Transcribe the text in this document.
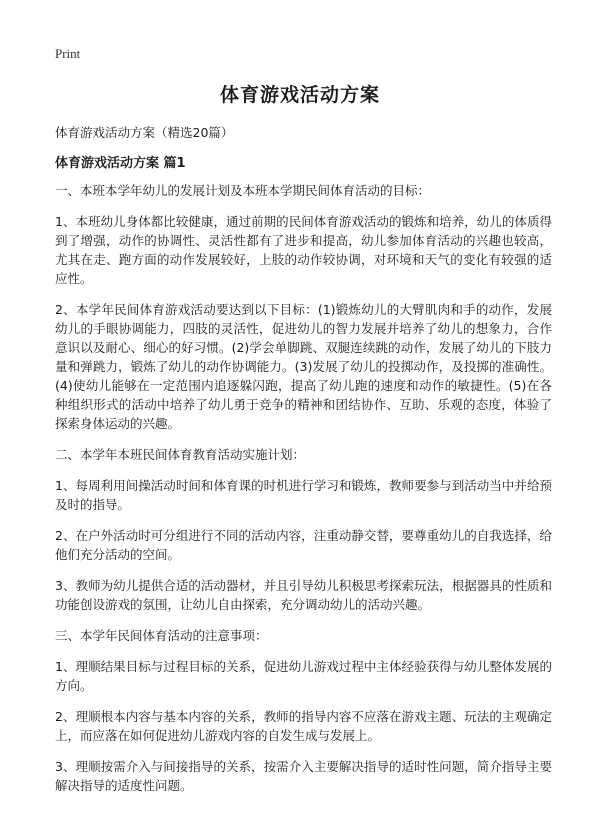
Print
体育游戏活动方案

体育游戏活动方案（精选20篇）

体育游戏活动方案 篇1

一、本班本学年幼儿的发展计划及本班本学期民间体育活动的目标：

1、本班幼儿身体都比较健康，通过前期的民间体育游戏活动的锻炼和培养，幼儿的体质得到了增强，动作的协调性、灵活性都有了进步和提高，幼儿参加体育活动的兴趣也较高，尤其在走、跑方面的动作发展较好，上肢的动作较协调，对环境和天气的变化有较强的适应性。

2、本学年民间体育游戏活动要达到以下目标：(1)锻炼幼儿的大臂肌肉和手的动作，发展幼儿的手眼协调能力，四肢的灵活性，促进幼儿的智力发展并培养了幼儿的想象力，合作意识以及耐心、细心的好习惯。(2)学会单脚跳、双腿连续跳的动作，发展了幼儿的下肢力量和弹跳力，锻炼了幼儿的动作协调能力。(3)发展了幼儿的投掷动作，及投掷的准确性。(4)使幼儿能够在一定范围内追逐躲闪跑，提高了幼儿跑的速度和动作的敏捷性。(5)在各种组织形式的活动中培养了幼儿勇于竞争的精神和团结协作、互助、乐观的态度，体验了探索身体运动的兴趣。

二、本学年本班民间体育教育活动实施计划：

1、每周利用间操活动时间和体育课的时机进行学习和锻炼，教师要参与到活动当中并给预及时的指导。

2、在户外活动时可分组进行不同的活动内容，注重动静交替，要尊重幼儿的自我选择，给他们充分活动的空间。

3、教师为幼儿提供合适的活动器材，并且引导幼儿积极思考探索玩法，根据器具的性质和功能创设游戏的氛围，让幼儿自由探索，充分调动幼儿的活动兴趣。

三、本学年民间体育活动的注意事项：

1、理顺结果目标与过程目标的关系，促进幼儿游戏过程中主体经验获得与幼儿整体发展的方向。

2、理顺根本内容与基本内容的关系，教师的指导内容不应落在游戏主题、玩法的主观确定上，而应落在如何促进幼儿游戏内容的自发生成与发展上。

3、理顺按需介入与间接指导的关系，按需介入主要解决指导的适时性问题，简介指导主要解决指导的适度性问题。
